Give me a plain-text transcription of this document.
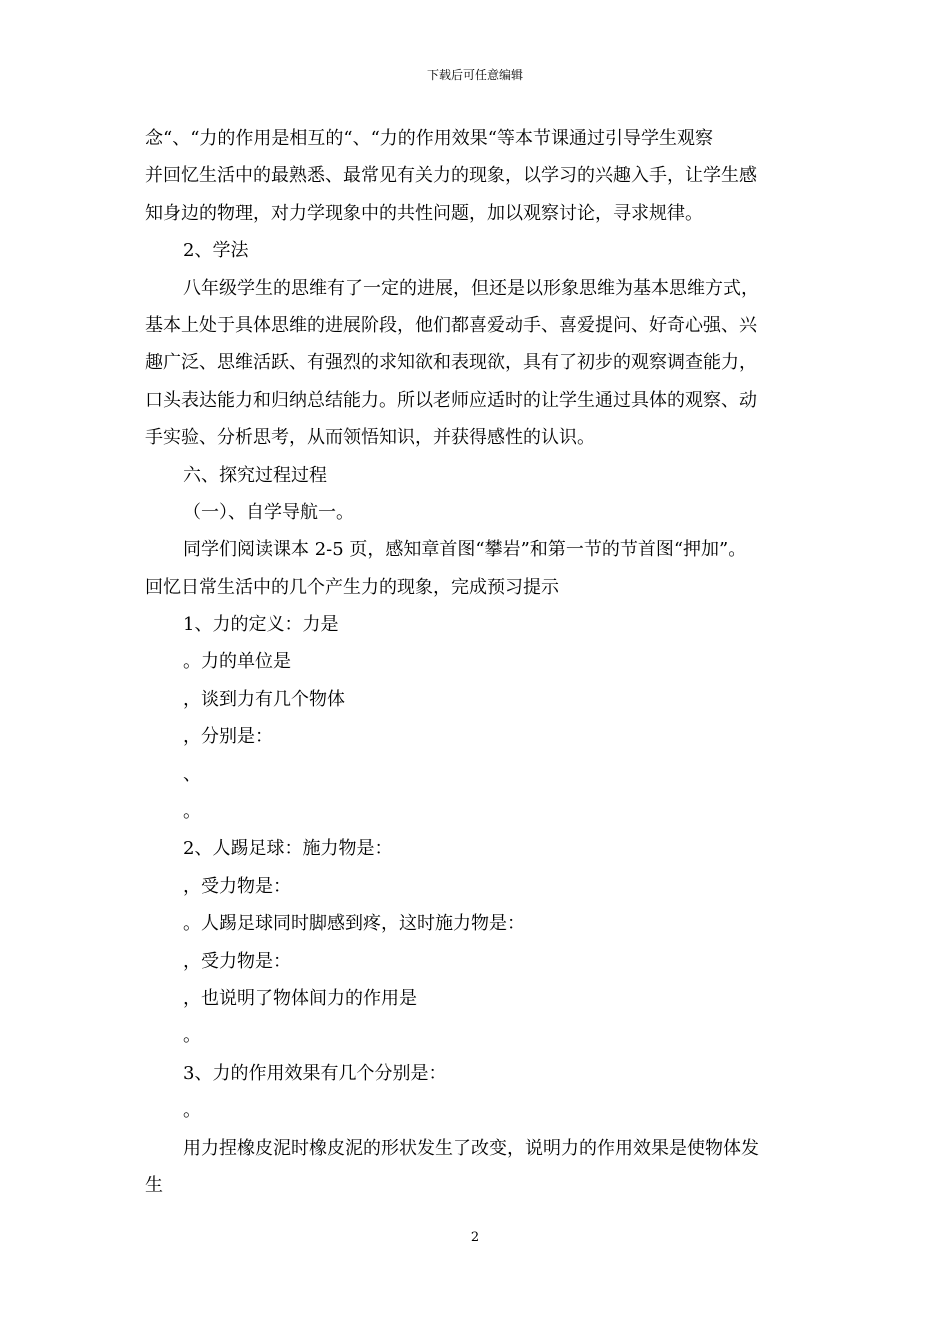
下载后可任意编辑

念“、“力的作用是相互的“、“力的作用效果“等本节课通过引导学生观察

并回忆生活中的最熟悉、最常见有关力的现象，以学习的兴趣入手，让学生感

知身边的物理，对力学现象中的共性问题，加以观察讨论，寻求规律。

2、学法

八年级学生的思维有了一定的进展，但还是以形象思维为基本思维方式，

基本上处于具体思维的进展阶段，他们都喜爱动手、喜爱提问、好奇心强、兴

趣广泛、思维活跃、有强烈的求知欲和表现欲，具有了初步的观察调查能力，

口头表达能力和归纳总结能力。所以老师应适时的让学生通过具体的观察、动

手实验、分析思考，从而领悟知识，并获得感性的认识。

六、探究过程过程

（一）、自学导航一。

同学们阅读课本 2-5 页，感知章首图“攀岩”和第一节的节首图“押加”。

回忆日常生活中的几个产生力的现象，完成预习提示

1、力的定义：力是

。力的单位是

，谈到力有几个物体

，分别是：

、

。

2、人踢足球：施力物是：

，受力物是：

。人踢足球同时脚感到疼，这时施力物是：

，受力物是：

，也说明了物体间力的作用是

。

3、力的作用效果有几个分别是：

。

用力捏橡皮泥时橡皮泥的形状发生了改变，说明力的作用效果是使物体发

生

2
